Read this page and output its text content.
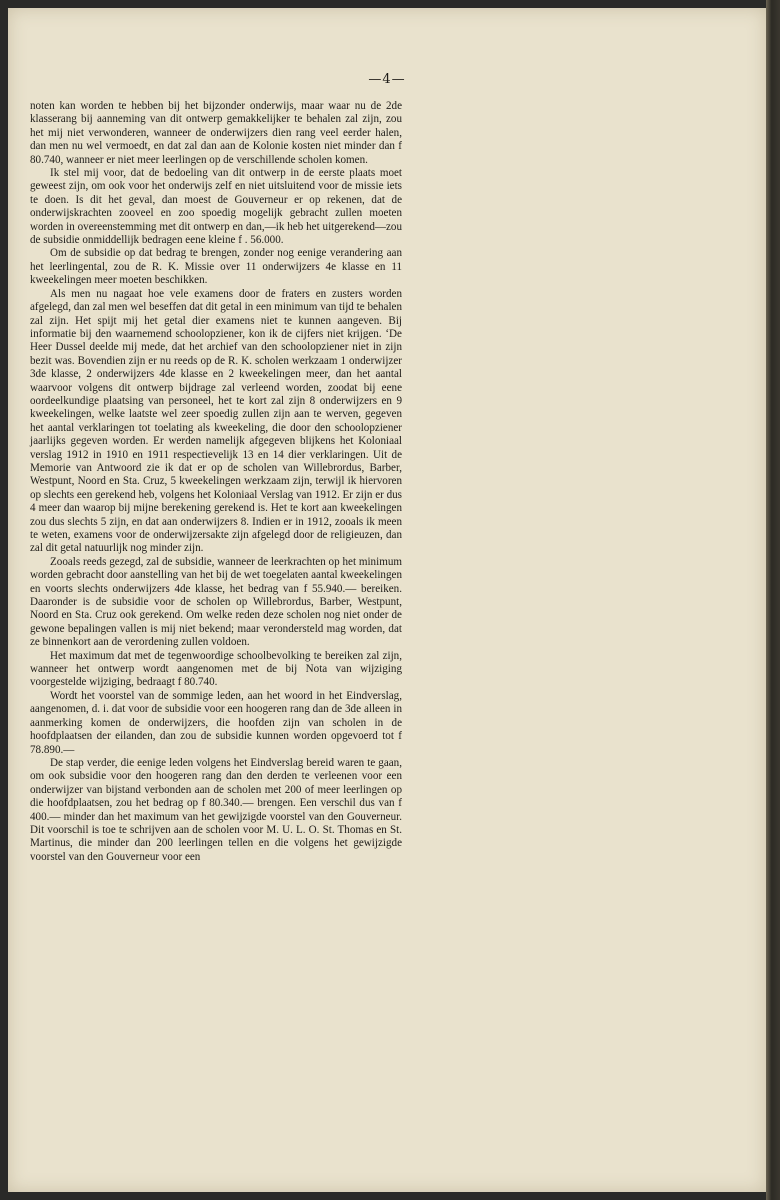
—4—

noten kan worden te hebben bij het bijzonder onderwijs, maar waar nu de 2de klasserang bij aanneming van dit ontwerp gemakkelijker te behalen zal zijn, zou het mij niet verwonderen, wanneer de onderwijzers dien rang veel eerder halen, dan men nu wel vermoedt, en dat zal dan aan de Kolonie kosten niet minder dan f 80.740, wanneer er niet meer leerlingen op de verschillende scholen komen.

Ik stel mij voor, dat de bedoeling van dit ontwerp in de eerste plaats moet geweest zijn, om ook voor het onderwijs zelf en niet uitsluitend voor de missie iets te doen. Is dit het geval, dan moest de Gouverneur er op rekenen, dat de onderwijskrachten zooveel en zoo spoedig mogelijk gebracht zullen moeten worden in overeenstemming met dit ontwerp en dan,—ik heb het uitgerekend—zou de subsidie onmiddellijk bedragen eene kleine f . 56.000.

Om de subsidie op dat bedrag te brengen, zonder nog eenige verandering aan het leerlingental, zou de R. K. Missie over 11 onderwijzers 4e klasse en 11 kweekelingen meer moeten beschikken.

Als men nu nagaat hoe vele examens door de fraters en zusters worden afgelegd, dan zal men wel beseffen dat dit getal in een minimum van tijd te behalen zal zijn. Het spijt mij het getal dier examens niet te kunnen aangeven. Bij informatie bij den waarnemend schoolopziener, kon ik de cijfers niet krijgen. ‘De Heer Dussel deelde mij mede, dat het archief van den schoolopziener niet in zijn bezit was. Bovendien zijn er nu reeds op de R. K. scholen werkzaam 1 onderwijzer 3de klasse, 2 onderwijzers 4de klasse en 2 kweekelingen meer, dan het aantal waarvoor volgens dit ontwerp bijdrage zal verleend worden, zoodat bij eene oordeelkundige plaatsing van personeel, het te kort zal zijn 8 onderwijzers en 9 kweekelingen, welke laatste wel zeer spoedig zullen zijn aan te werven, gegeven het aantal verklaringen tot toelating als kweekeling, die door den schoolopziener jaarlijks gegeven worden. Er werden namelijk afgegeven blijkens het Koloniaal verslag 1912 in 1910 en 1911 respectievelijk 13 en 14 dier verklaringen. Uit de Memorie van Antwoord zie ik dat er op de scholen van Willebrordus, Barber, Westpunt, Noord en Sta. Cruz, 5 kweekelingen werkzaam zijn, terwijl ik hiervoren op slechts een gerekend heb, volgens het Koloniaal Verslag van 1912. Er zijn er dus 4 meer dan waarop bij mijne berekening gerekend is. Het te kort aan kweekelingen zou dus slechts 5 zijn, en dat aan onderwijzers 8. Indien er in 1912, zooals ik meen te weten, examens voor de onderwijzersakte zijn afgelegd door de religieuzen, dan zal dit getal natuurlijk nog minder zijn.

Zooals reeds gezegd, zal de subsidie, wanneer de leerkrachten op het minimum worden gebracht door aanstelling van het bij de wet toegelaten aantal kweekelingen en voorts slechts onderwijzers 4de klasse, het bedrag van f 55.940.— bereiken. Daaronder is de subsidie voor de scholen op Willebrordus, Barber, Westpunt, Noord en Sta. Cruz ook gerekend. Om welke reden deze scholen nog niet onder de gewone bepalingen vallen is mij niet bekend; maar verondersteld mag worden, dat ze binnenkort aan de verordening zullen voldoen.

Het maximum dat met de tegenwoordige schoolbevolking te bereiken zal zijn, wanneer het ontwerp wordt aangenomen met de bij Nota van wijziging voorgestelde wijziging, bedraagt f 80.740.

Wordt het voorstel van de sommige leden, aan het woord in het Eindverslag, aangenomen, d. i. dat voor de subsidie voor een hoogeren rang dan de 3de alleen in aanmerking komen de onderwijzers, die hoofden zijn van scholen in de hoofdplaatsen der eilanden, dan zou de subsidie kunnen worden opgevoerd tot f 78.890.—

De stap verder, die eenige leden volgens het Eindverslag bereid waren te gaan, om ook subsidie voor den hoogeren rang dan den derden te verleenen voor een onderwijzer van bijstand verbonden aan de scholen met 200 of meer leerlingen op die hoofdplaatsen, zou het bedrag op f 80.340.— brengen. Een verschil dus van f 400.— minder dan het maximum van het gewijzigde voorstel van den Gouverneur. Dit voorschil is toe te schrijven aan de scholen voor M. U. L. O. St. Thomas en St. Martinus, die minder dan 200 leerlingen tellen en die volgens het gewijzigde voorstel van den Gouverneur voor een
